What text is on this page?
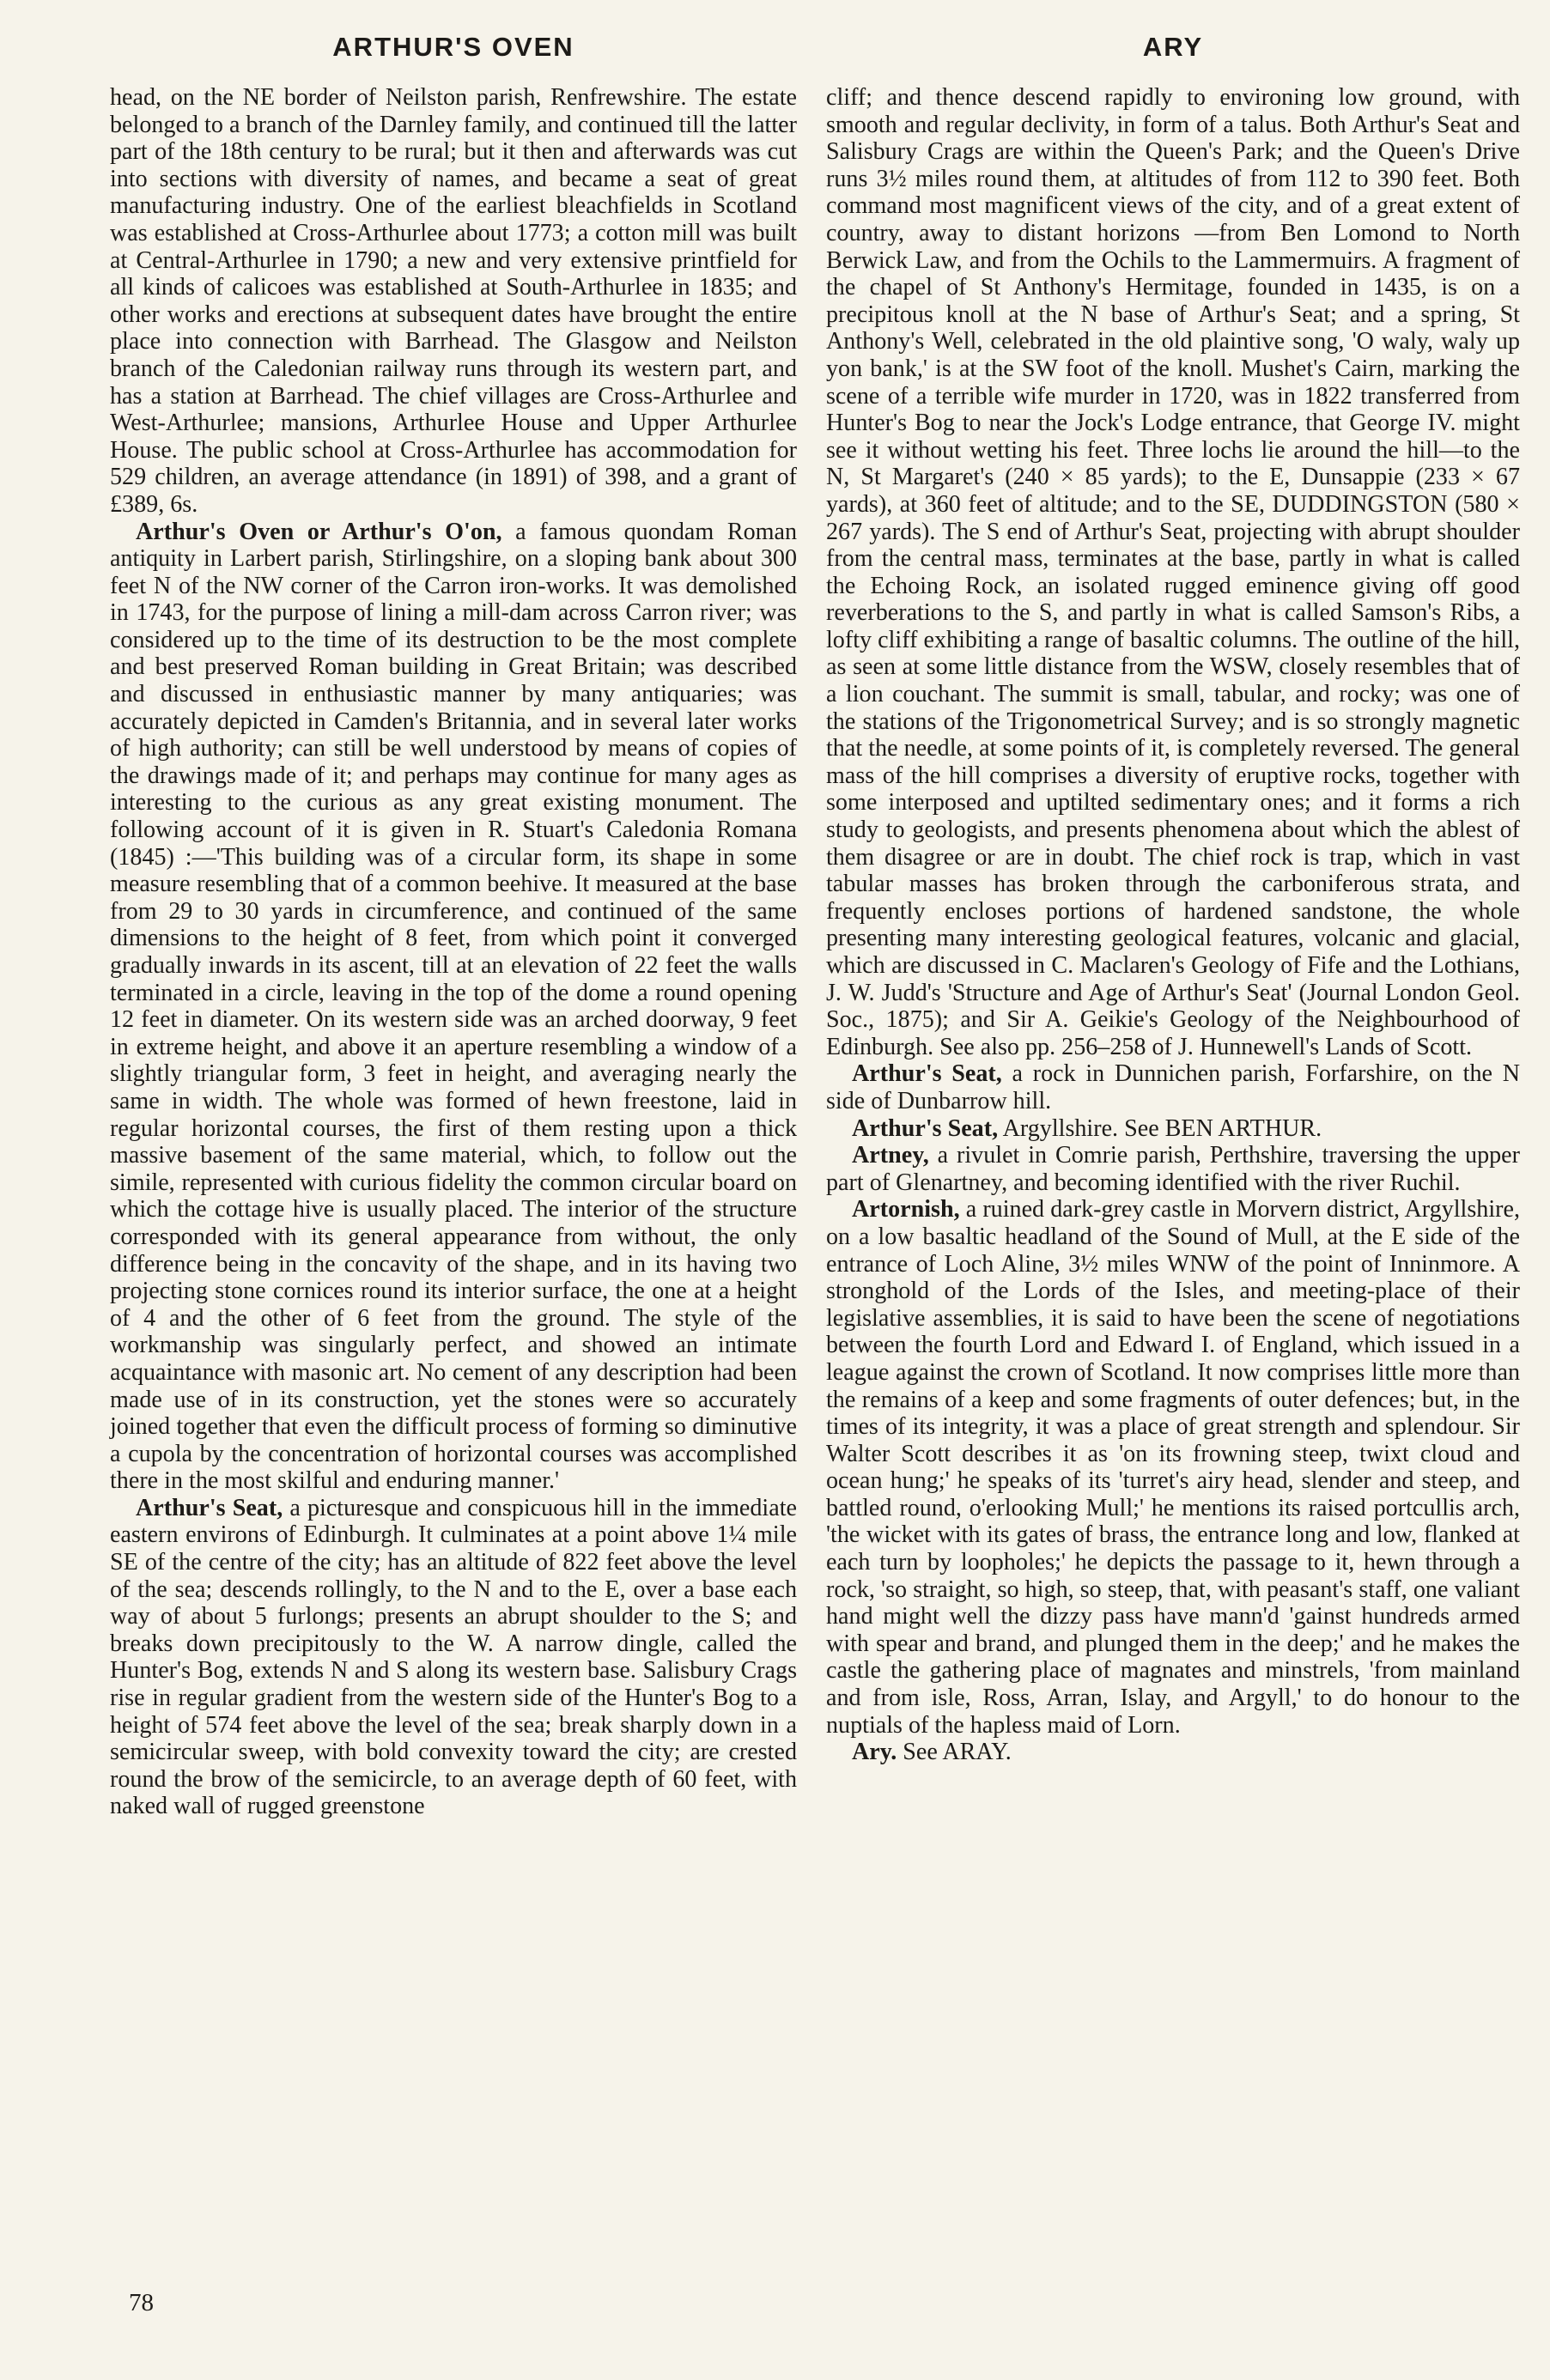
ARTHUR'S OVEN

head, on the NE border of Neilston parish, Renfrewshire. The estate belonged to a branch of the Darnley family, and continued till the latter part of the 18th century to be rural; but it then and afterwards was cut into sections with diversity of names, and became a seat of great manufacturing industry. One of the earliest bleachfields in Scotland was established at Cross-Arthurlee about 1773; a cotton mill was built at Central-Arthurlee in 1790; a new and very extensive printfield for all kinds of calicoes was established at South-Arthurlee in 1835; and other works and erections at subsequent dates have brought the entire place into connection with Barrhead. The Glasgow and Neilston branch of the Caledonian railway runs through its western part, and has a station at Barrhead. The chief villages are Cross-Arthurlee and West-Arthurlee; mansions, Arthurlee House and Upper Arthurlee House. The public school at Cross-Arthurlee has accommodation for 529 children, an average attendance (in 1891) of 398, and a grant of £389, 6s.

Arthur's Oven or Arthur's O'on, a famous quondam Roman antiquity in Larbert parish, Stirlingshire, on a sloping bank about 300 feet N of the NW corner of the Carron iron-works. It was demolished in 1743, for the purpose of lining a mill-dam across Carron river; was considered up to the time of its destruction to be the most complete and best preserved Roman building in Great Britain; was described and discussed in enthusiastic manner by many antiquaries; was accurately depicted in Camden's Britannia, and in several later works of high authority; can still be well understood by means of copies of the drawings made of it; and perhaps may continue for many ages as interesting to the curious as any great existing monument. The following account of it is given in R. Stuart's Caledonia Romana (1845) :—'This building was of a circular form, its shape in some measure resembling that of a common beehive. It measured at the base from 29 to 30 yards in circumference, and continued of the same dimensions to the height of 8 feet, from which point it converged gradually inwards in its ascent, till at an elevation of 22 feet the walls terminated in a circle, leaving in the top of the dome a round opening 12 feet in diameter. On its western side was an arched doorway, 9 feet in extreme height, and above it an aperture resembling a window of a slightly triangular form, 3 feet in height, and averaging nearly the same in width. The whole was formed of hewn freestone, laid in regular horizontal courses, the first of them resting upon a thick massive basement of the same material, which, to follow out the simile, represented with curious fidelity the common circular board on which the cottage hive is usually placed. The interior of the structure corresponded with its general appearance from without, the only difference being in the concavity of the shape, and in its having two projecting stone cornices round its interior surface, the one at a height of 4 and the other of 6 feet from the ground. The style of the workmanship was singularly perfect, and showed an intimate acquaintance with masonic art. No cement of any description had been made use of in its construction, yet the stones were so accurately joined together that even the difficult process of forming so diminutive a cupola by the concentration of horizontal courses was accomplished there in the most skilful and enduring manner.'

Arthur's Seat, a picturesque and conspicuous hill in the immediate eastern environs of Edinburgh. It culminates at a point above 1¼ mile SE of the centre of the city; has an altitude of 822 feet above the level of the sea; descends rollingly, to the N and to the E, over a base each way of about 5 furlongs; presents an abrupt shoulder to the S; and breaks down precipitously to the W. A narrow dingle, called the Hunter's Bog, extends N and S along its western base. Salisbury Crags rise in regular gradient from the western side of the Hunter's Bog to a height of 574 feet above the level of the sea; break sharply down in a semicircular sweep, with bold convexity toward the city; are crested round the brow of the semicircle, to an average depth of 60 feet, with naked wall of rugged greenstone

ARY

cliff; and thence descend rapidly to environing low ground, with smooth and regular declivity, in form of a talus. Both Arthur's Seat and Salisbury Crags are within the Queen's Park; and the Queen's Drive runs 3½ miles round them, at altitudes of from 112 to 390 feet. Both command most magnificent views of the city, and of a great extent of country, away to distant horizons —from Ben Lomond to North Berwick Law, and from the Ochils to the Lammermuirs. A fragment of the chapel of St Anthony's Hermitage, founded in 1435, is on a precipitous knoll at the N base of Arthur's Seat; and a spring, St Anthony's Well, celebrated in the old plaintive song, 'O waly, waly up yon bank,' is at the SW foot of the knoll. Mushet's Cairn, marking the scene of a terrible wife murder in 1720, was in 1822 transferred from Hunter's Bog to near the Jock's Lodge entrance, that George IV. might see it without wetting his feet. Three lochs lie around the hill—to the N, St Margaret's (240 × 85 yards); to the E, Dunsappie (233 × 67 yards), at 360 feet of altitude; and to the SE, DUDDINGSTON (580 × 267 yards). The S end of Arthur's Seat, projecting with abrupt shoulder from the central mass, terminates at the base, partly in what is called the Echoing Rock, an isolated rugged eminence giving off good reverberations to the S, and partly in what is called Samson's Ribs, a lofty cliff exhibiting a range of basaltic columns. The outline of the hill, as seen at some little distance from the WSW, closely resembles that of a lion couchant. The summit is small, tabular, and rocky; was one of the stations of the Trigonometrical Survey; and is so strongly magnetic that the needle, at some points of it, is completely reversed. The general mass of the hill comprises a diversity of eruptive rocks, together with some interposed and uptilted sedimentary ones; and it forms a rich study to geologists, and presents phenomena about which the ablest of them disagree or are in doubt. The chief rock is trap, which in vast tabular masses has broken through the carboniferous strata, and frequently encloses portions of hardened sandstone, the whole presenting many interesting geological features, volcanic and glacial, which are discussed in C. Maclaren's Geology of Fife and the Lothians, J. W. Judd's 'Structure and Age of Arthur's Seat' (Journal London Geol. Soc., 1875); and Sir A. Geikie's Geology of the Neighbourhood of Edinburgh. See also pp. 256–258 of J. Hunnewell's Lands of Scott.

Arthur's Seat, a rock in Dunnichen parish, Forfarshire, on the N side of Dunbarrow hill.

Arthur's Seat, Argyllshire. See BEN ARTHUR.

Artney, a rivulet in Comrie parish, Perthshire, traversing the upper part of Glenartney, and becoming identified with the river Ruchil.

Artornish, a ruined dark-grey castle in Morvern district, Argyllshire, on a low basaltic headland of the Sound of Mull, at the E side of the entrance of Loch Aline, 3½ miles WNW of the point of Inninmore. A stronghold of the Lords of the Isles, and meeting-place of their legislative assemblies, it is said to have been the scene of negotiations between the fourth Lord and Edward I. of England, which issued in a league against the crown of Scotland. It now comprises little more than the remains of a keep and some fragments of outer defences; but, in the times of its integrity, it was a place of great strength and splendour. Sir Walter Scott describes it as 'on its frowning steep, twixt cloud and ocean hung;' he speaks of its 'turret's airy head, slender and steep, and battled round, o'erlooking Mull;' he mentions its raised portcullis arch, 'the wicket with its gates of brass, the entrance long and low, flanked at each turn by loopholes;' he depicts the passage to it, hewn through a rock, 'so straight, so high, so steep, that, with peasant's staff, one valiant hand might well the dizzy pass have mann'd 'gainst hundreds armed with spear and brand, and plunged them in the deep;' and he makes the castle the gathering place of magnates and minstrels, 'from mainland and from isle, Ross, Arran, Islay, and Argyll,' to do honour to the nuptials of the hapless maid of Lorn.

Ary. See ARAY.

78
